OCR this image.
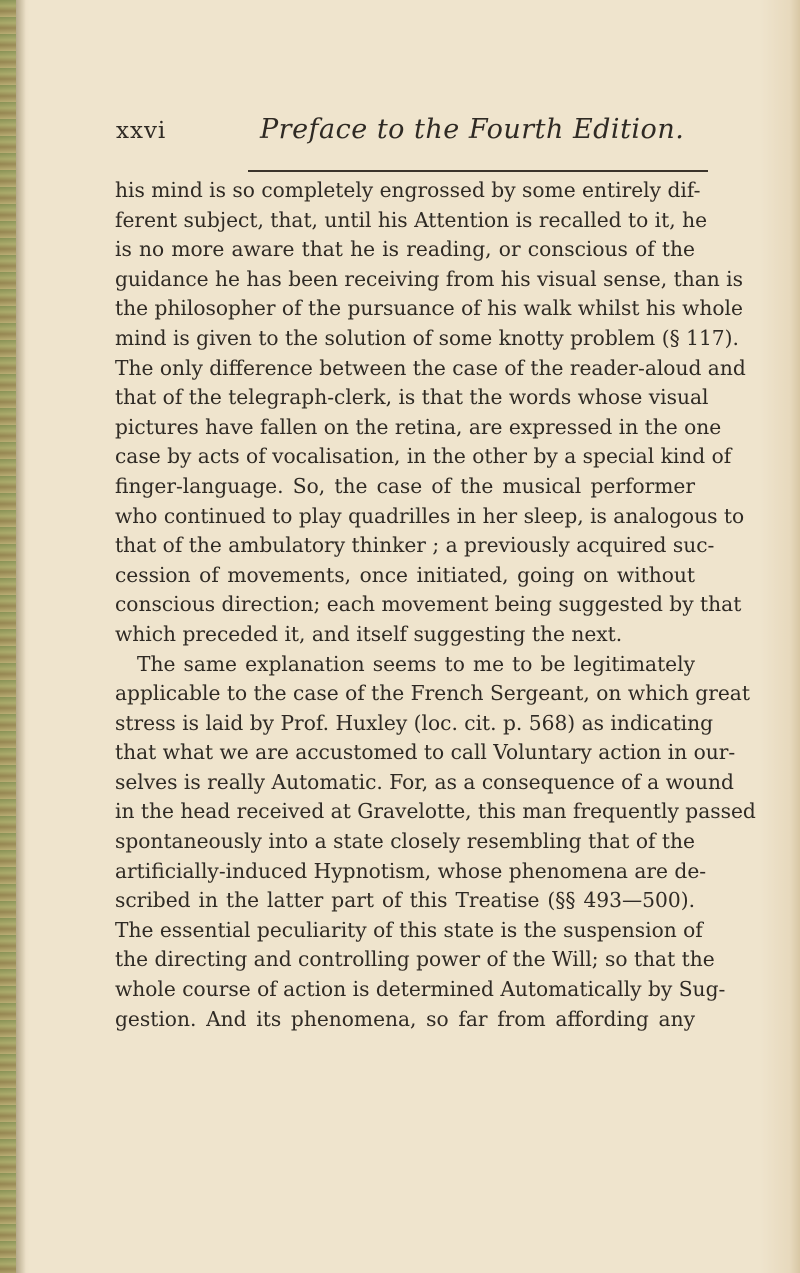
xxvi	Preface to the Fourth Edition.
his mind is so completely engrossed by some entirely dif-
ferent subject, that, until his Attention is recalled to it, he
is no more aware that he is reading, or conscious of the
guidance he has been receiving from his visual sense, than is
the philosopher of the pursuance of his walk whilst his whole
mind is given to the solution of some knotty problem (§ 117).
The only difference between the case of the reader-aloud and
that of the telegraph-clerk, is that the words whose visual
pictures have fallen on the retina, are expressed in the one
case by acts of vocalisation, in the other by a special kind of
finger-language. So, the case of the musical performer
who continued to play quadrilles in her sleep, is analogous to
that of the ambulatory thinker ; a previously acquired suc-
cession of movements, once initiated, going on without
conscious direction; each movement being suggested by that
which preceded it, and itself suggesting the next.
The same explanation seems to me to be legitimately
applicable to the case of the French Sergeant, on which great
stress is laid by Prof. Huxley (loc. cit. p. 568) as indicating
that what we are accustomed to call Voluntary action in our-
selves is really Automatic. For, as a consequence of a wound
in the head received at Gravelotte, this man frequently passed
spontaneously into a state closely resembling that of the
artificially-induced Hypnotism, whose phenomena are de-
scribed in the latter part of this Treatise (§§ 493—500).
The essential peculiarity of this state is the suspension of
the directing and controlling power of the Will; so that the
whole course of action is determined Automatically by Sug-
gestion. And its phenomena, so far from affording any
